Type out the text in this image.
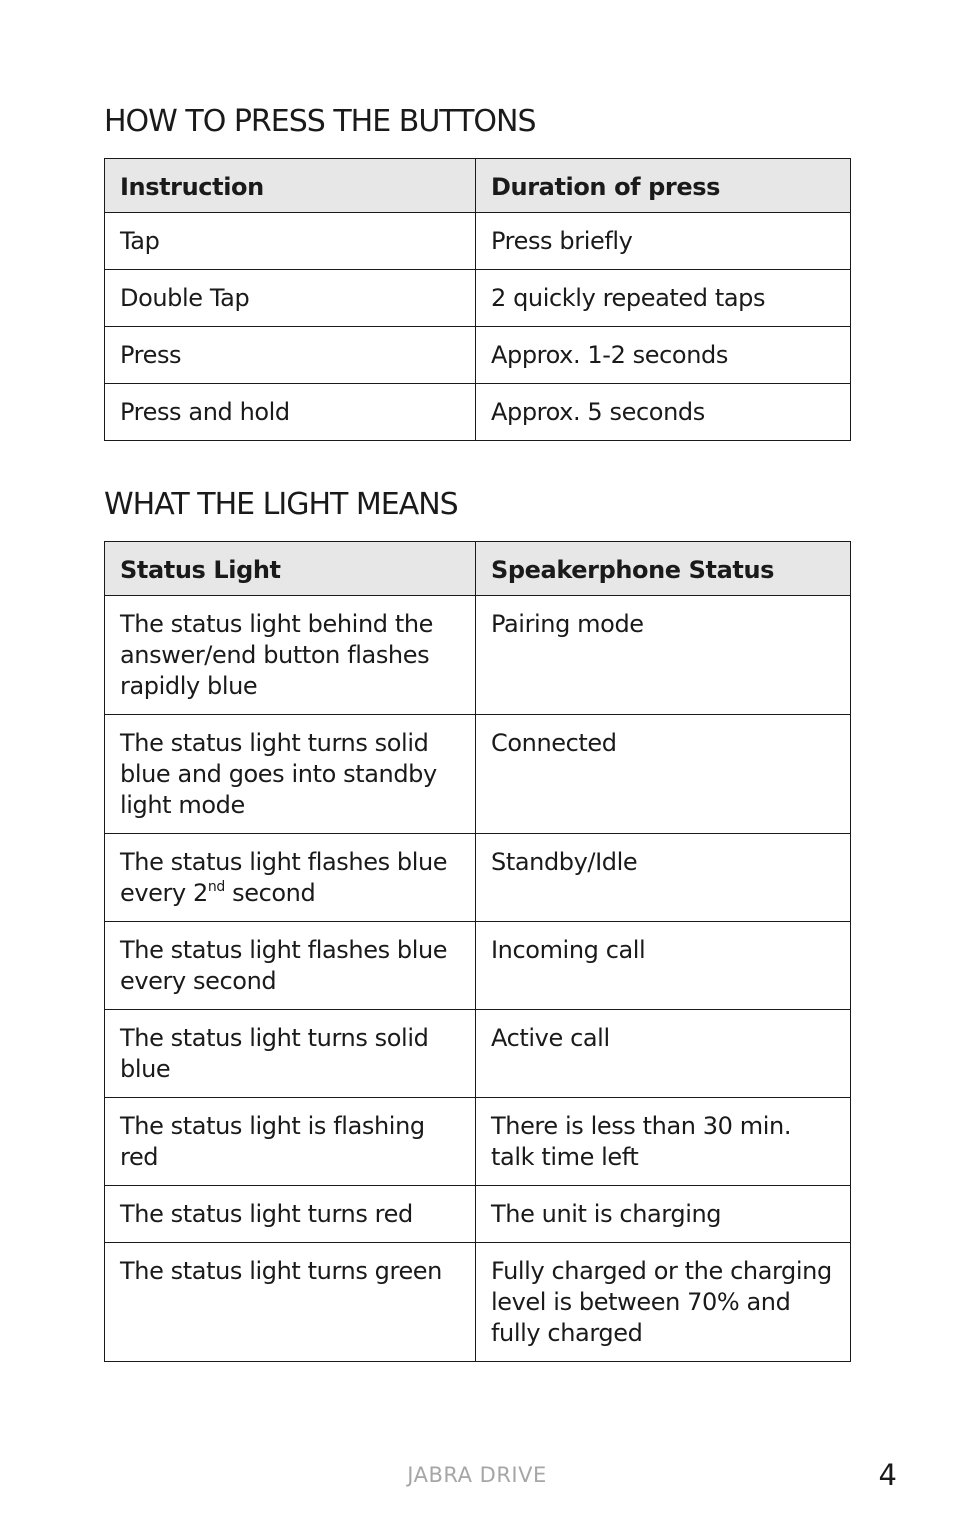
HOW TO PRESS THE BUTTONS
Instruction	Duration of press
Tap	Press briefly
Double Tap	2 quickly repeated taps
Press	Approx. 1-2 seconds
Press and hold	Approx. 5 seconds
WHAT THE LIGHT MEANS
Status Light	Speakerphone Status
The status light behind the answer/end button flashes rapidly blue	Pairing mode
The status light turns solid blue and goes into standby light mode	Connected
The status light flashes blue every 2nd second	Standby/Idle
The status light flashes blue every second	Incoming call
The status light turns solid blue	Active call
The status light is flashing red	There is less than 30 min. talk time left
The status light turns red	The unit is charging
The status light turns green	Fully charged or the charging level is between 70% and fully charged
JABRA DRIVE	4
